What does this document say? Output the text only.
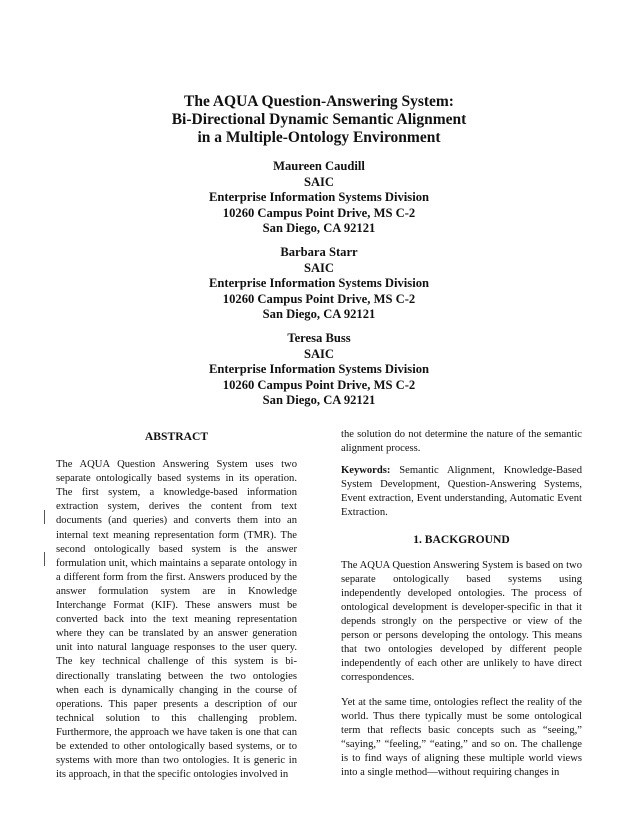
The AQUA Question-Answering System:
Bi-Directional Dynamic Semantic Alignment
in a Multiple-Ontology Environment
Maureen Caudill
SAIC
Enterprise Information Systems Division
10260 Campus Point Drive, MS C-2
San Diego, CA 92121
Barbara Starr
SAIC
Enterprise Information Systems Division
10260 Campus Point Drive, MS C-2
San Diego, CA 92121
Teresa Buss
SAIC
Enterprise Information Systems Division
10260 Campus Point Drive, MS C-2
San Diego, CA 92121

ABSTRACT

The AQUA Question Answering System uses two separate ontologically based systems in its operation. The first system, a knowledge-based information extraction system, derives the content from text documents (and queries) and converts them into an internal text meaning representation form (TMR). The second ontologically based system is the answer formulation unit, which maintains a separate ontology in a different form from the first. Answers produced by the answer formulation system are in Knowledge Interchange Format (KIF). These answers must be converted back into the text meaning representation where they can be translated by an answer generation unit into natural language responses to the user query. The key technical challenge of this system is bi-directionally translating between the two ontologies when each is dynamically changing in the course of operations. This paper presents a description of our technical solution to this challenging problem. Furthermore, the approach we have taken is one that can be extended to other ontologically based systems, or to systems with more than two ontologies. It is generic in its approach, in that the specific ontologies involved in

the solution do not determine the nature of the semantic alignment process.

Keywords: Semantic Alignment, Knowledge-Based System Development, Question-Answering Systems, Event extraction, Event understanding, Automatic Event Extraction.

1. BACKGROUND

The AQUA Question Answering System is based on two separate ontologically based systems using independently developed ontologies. The process of ontological development is developer-specific in that it depends strongly on the perspective or view of the person or persons developing the ontology. This means that two ontologies developed by different people independently of each other are unlikely to have direct correspondences.

Yet at the same time, ontologies reflect the reality of the world. Thus there typically must be some ontological term that reflects basic concepts such as “seeing,” “saying,” “feeling,” “eating,” and so on. The challenge is to find ways of aligning these multiple world views into a single method—without requiring changes in
